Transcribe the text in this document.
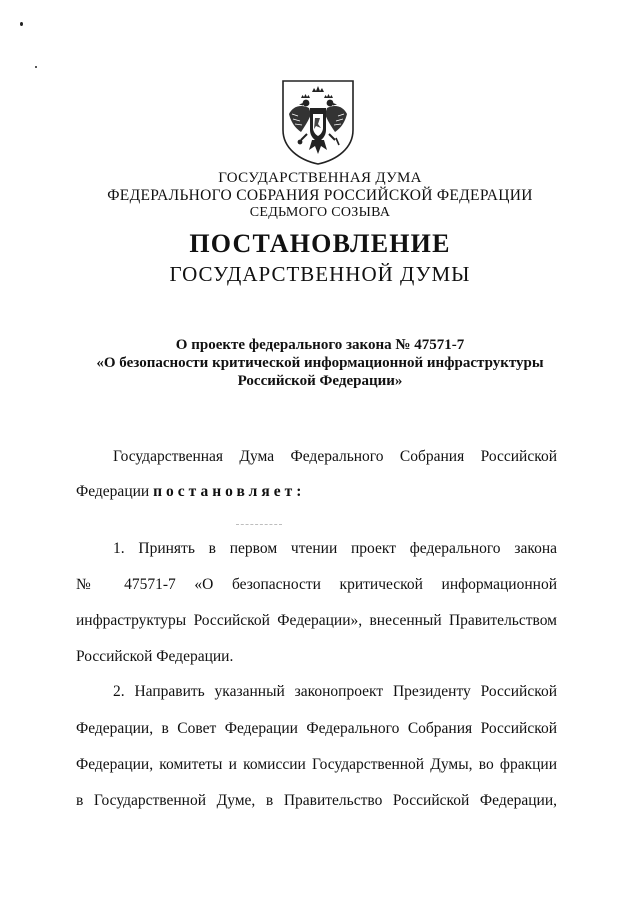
ГОСУДАРСТВЕННАЯ ДУМА
ФЕДЕРАЛЬНОГО СОБРАНИЯ РОССИЙСКОЙ ФЕДЕРАЦИИ
СЕДЬМОГО СОЗЫВА
ПОСТАНОВЛЕНИЕ
ГОСУДАРСТВЕННОЙ ДУМЫ
О проекте федерального закона № 47571-7
«О безопасности критической информационной инфраструктуры
Российской Федерации»
Государственная Дума Федерального Собрания Российской
Федерации постановляет:
1. Принять в первом чтении проект федерального закона
№ 47571-7 «О безопасности критической информационной
инфраструктуры Российской Федерации», внесенный Правительством
Российской Федерации.
2. Направить указанный законопроект Президенту Российской
Федерации, в Совет Федерации Федерального Собрания Российской
Федерации, комитеты и комиссии Государственной Думы, во фракции
в Государственной Думе, в Правительство Российской Федерации,
